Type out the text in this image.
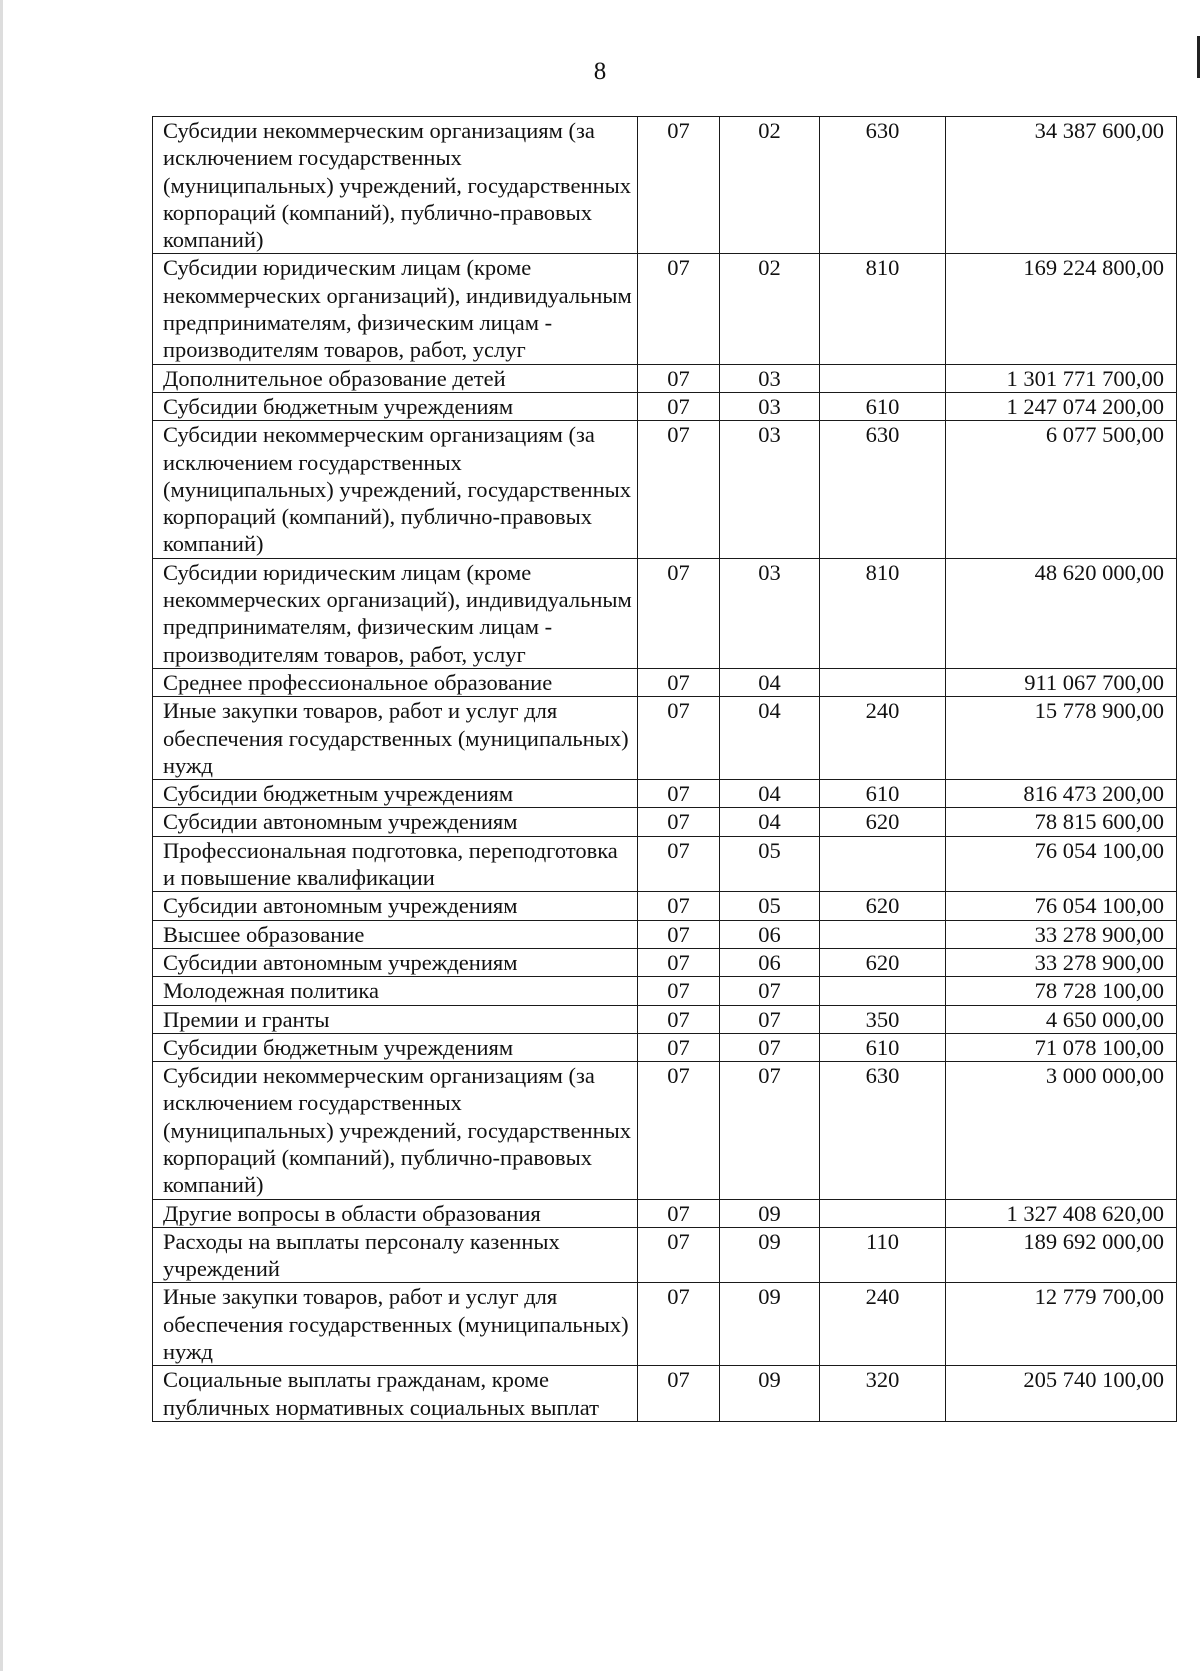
8
Субсидии некоммерческим организациям (за исключением государственных (муниципальных) учреждений, государственных корпораций (компаний), публично-правовых компаний)	07	02	630	34 387 600,00
Субсидии юридическим лицам (кроме некоммерческих организаций), индивидуальным предпринимателям, физическим лицам - производителям товаров, работ, услуг	07	02	810	169 224 800,00
Дополнительное образование детей	07	03		1 301 771 700,00
Субсидии бюджетным учреждениям	07	03	610	1 247 074 200,00
Субсидии некоммерческим организациям (за исключением государственных (муниципальных) учреждений, государственных корпораций (компаний), публично-правовых компаний)	07	03	630	6 077 500,00
Субсидии юридическим лицам (кроме некоммерческих организаций), индивидуальным предпринимателям, физическим лицам - производителям товаров, работ, услуг	07	03	810	48 620 000,00
Среднее профессиональное образование	07	04		911 067 700,00
Иные закупки товаров, работ и услуг для обеспечения государственных (муниципальных) нужд	07	04	240	15 778 900,00
Субсидии бюджетным учреждениям	07	04	610	816 473 200,00
Субсидии автономным учреждениям	07	04	620	78 815 600,00
Профессиональная подготовка, переподготовка и повышение квалификации	07	05		76 054 100,00
Субсидии автономным учреждениям	07	05	620	76 054 100,00
Высшее образование	07	06		33 278 900,00
Субсидии автономным учреждениям	07	06	620	33 278 900,00
Молодежная политика	07	07		78 728 100,00
Премии и гранты	07	07	350	4 650 000,00
Субсидии бюджетным учреждениям	07	07	610	71 078 100,00
Субсидии некоммерческим организациям (за исключением государственных (муниципальных) учреждений, государственных корпораций (компаний), публично-правовых компаний)	07	07	630	3 000 000,00
Другие вопросы в области образования	07	09		1 327 408 620,00
Расходы на выплаты персоналу казенных учреждений	07	09	110	189 692 000,00
Иные закупки товаров, работ и услуг для обеспечения государственных (муниципальных) нужд	07	09	240	12 779 700,00
Социальные выплаты гражданам, кроме публичных нормативных социальных выплат	07	09	320	205 740 100,00
